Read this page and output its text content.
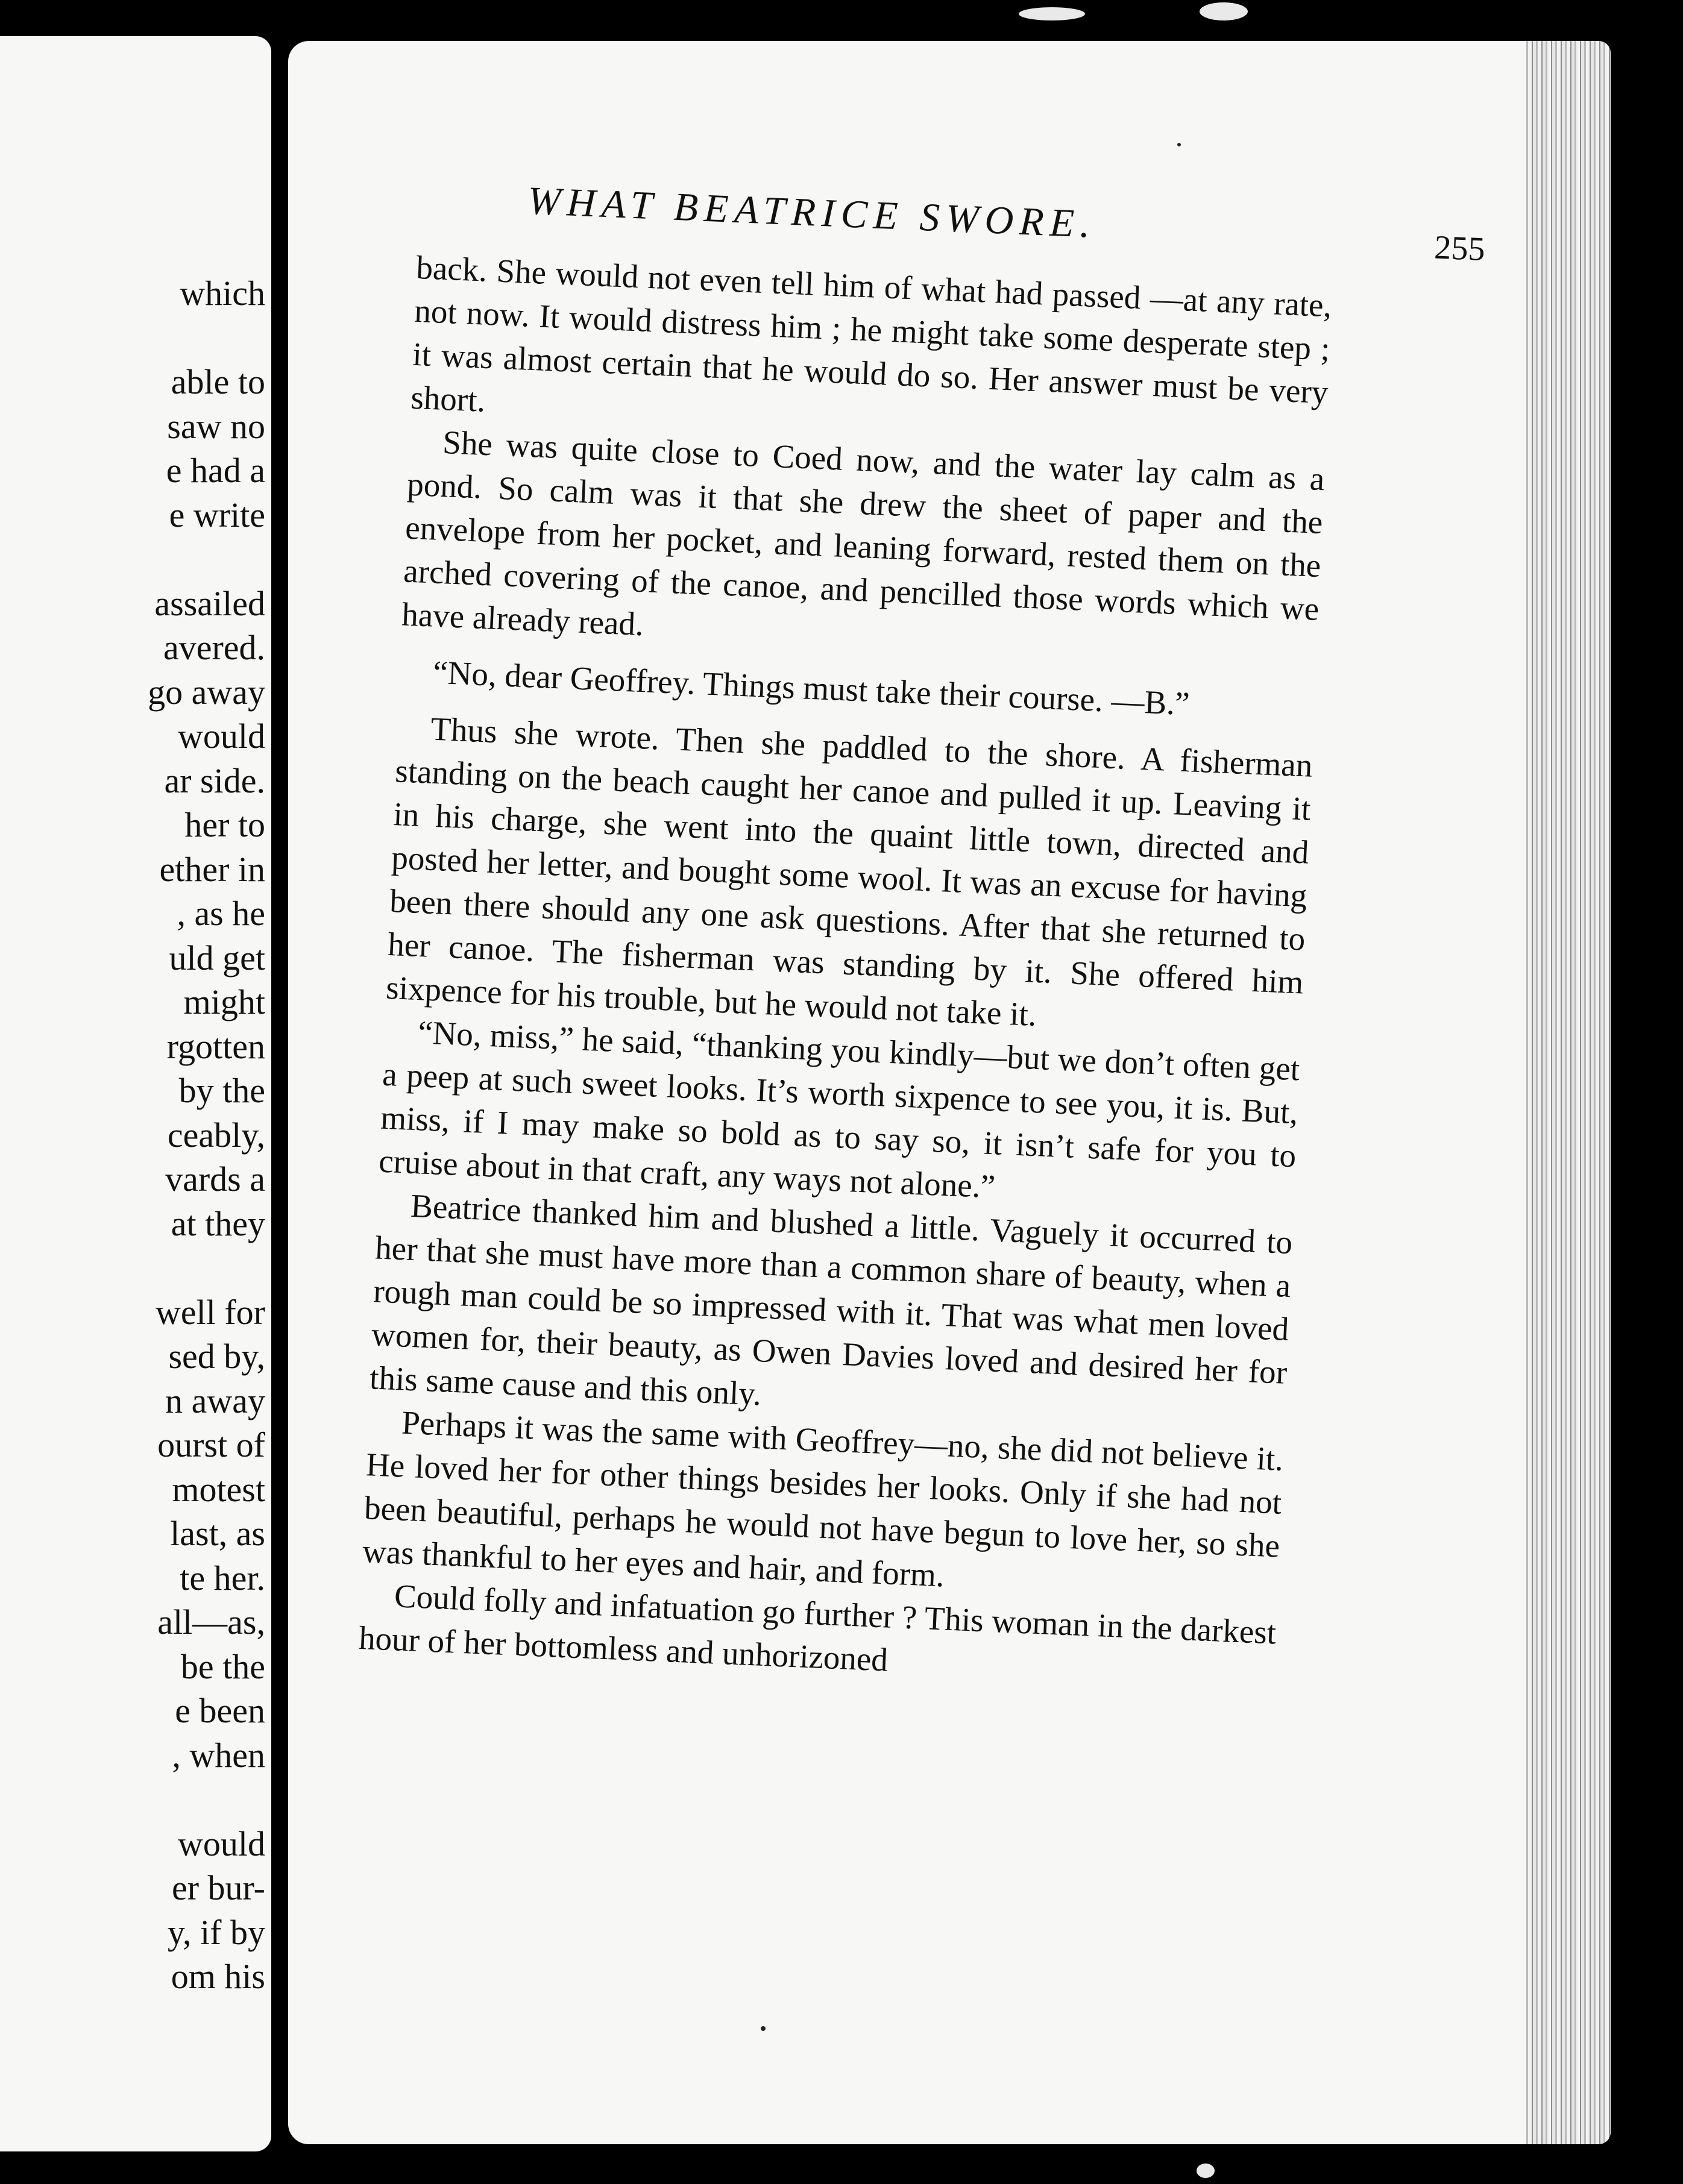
which
able to
saw no
e had a
e write
assailed
avered.
go away
would
ar side.
her to
ether in
, as he
uld get
might
rgotten
by the
ceably,
vards a
at they
well for
sed by,
n away
ourst of
motest
last, as
te her.
all—as,
be the
e been
, when
would
er bur-
y, if by
om his
WHAT BEATRICE SWORE.
255

back. She would not even tell him of what had passed —at any rate, not now. It would distress him ; he might take some desperate step ; it was almost certain that he would do so. Her answer must be very short.

She was quite close to Coed now, and the water lay calm as a pond. So calm was it that she drew the sheet of paper and the envelope from her pocket, and leaning forward, rested them on the arched covering of the canoe, and pencilled those words which we have already read.

“No, dear Geoffrey. Things must take their course. —B.”

Thus she wrote. Then she paddled to the shore. A fisherman standing on the beach caught her canoe and pulled it up. Leaving it in his charge, she went into the quaint little town, directed and posted her letter, and bought some wool. It was an excuse for having been there should any one ask questions. After that she returned to her canoe. The fisherman was standing by it. She offered him sixpence for his trouble, but he would not take it.

“No, miss,” he said, “thanking you kindly—but we don’t often get a peep at such sweet looks. It’s worth sixpence to see you, it is. But, miss, if I may make so bold as to say so, it isn’t safe for you to cruise about in that craft, any ways not alone.”

Beatrice thanked him and blushed a little. Vaguely it occurred to her that she must have more than a common share of beauty, when a rough man could be so impressed with it. That was what men loved women for, their beauty, as Owen Davies loved and desired her for this same cause and this only.

Perhaps it was the same with Geoffrey—no, she did not believe it. He loved her for other things besides her looks. Only if she had not been beautiful, perhaps he would not have begun to love her, so she was thankful to her eyes and hair, and form.

Could folly and infatuation go further ? This woman in the darkest hour of her bottomless and unhorizoned
